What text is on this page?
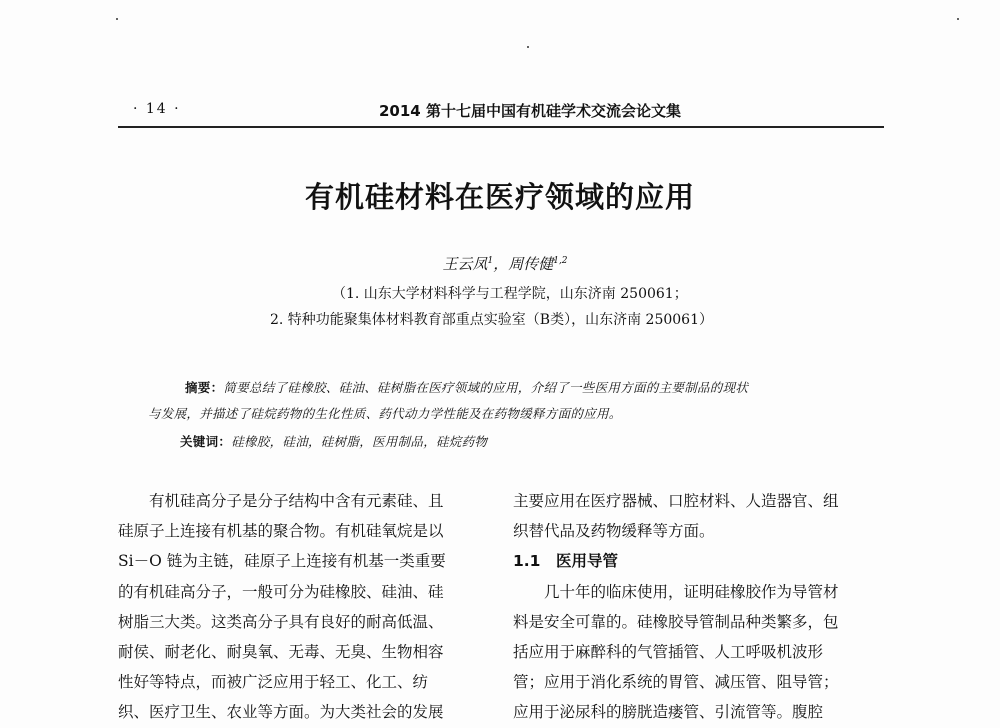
· 14 ·	2014 第十七届中国有机硅学术交流会论文集
有机硅材料在医疗领域的应用
王云凤$^1$，周传健$^{1,2}$
（1. 山东大学材料科学与工程学院，山东济南 250061；
2. 特种功能聚集体材料教育部重点实验室（B类），山东济南 250061）
摘要：简要总结了硅橡胶、硅油、硅树脂在医疗领域的应用，介绍了一些医用方面的主要制品的现状
与发展，并描述了硅烷药物的生化性质、药代动力学性能及在药物缓释方面的应用。
关键词：硅橡胶，硅油，硅树脂，医用制品，硅烷药物
　　有机硅高分子是分子结构中含有元素硅、且
硅原子上连接有机基的聚合物。有机硅氧烷是以
Si－O 链为主链，硅原子上连接有机基一类重要
的有机硅高分子，一般可分为硅橡胶、硅油、硅
树脂三大类。这类高分子具有良好的耐高低温、
耐侯、耐老化、耐臭氧、无毒、无臭、生物相容
性好等特点，而被广泛应用于轻工、化工、纺
织、医疗卫生、农业等方面。为大类社会的发展
主要应用在医疗器械、口腔材料、人造器官、组
织替代品及药物缓释等方面。
1.1　医用导管
　　几十年的临床使用，证明硅橡胶作为导管材
料是安全可靠的。硅橡胶导管制品种类繁多，包
括应用于麻醉科的气管插管、人工呼吸机波形
管；应用于消化系统的胃管、减压管、阻导管；
应用于泌尿科的膀胱造瘘管、引流管等。腹腔
